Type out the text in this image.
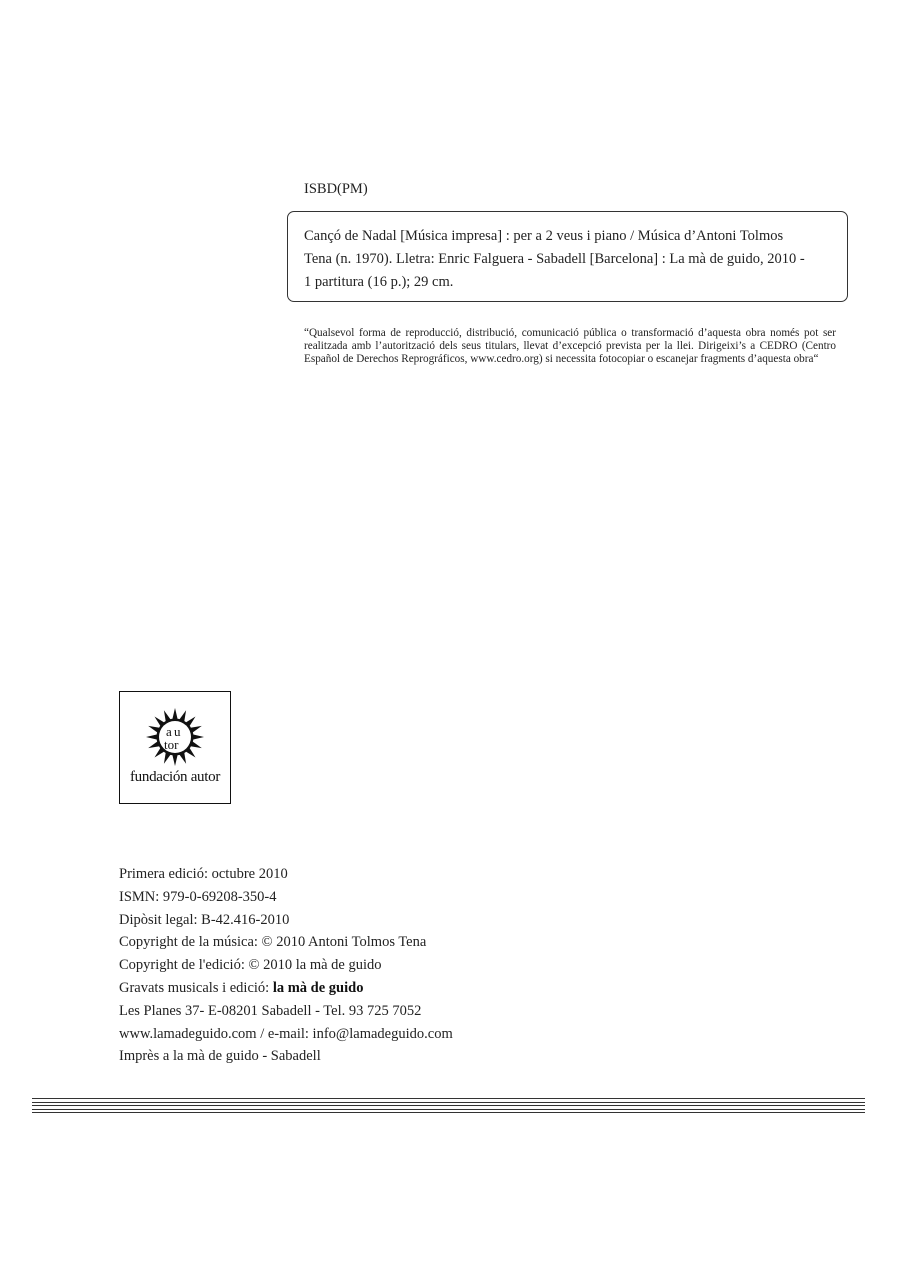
ISBD(PM)
Cançó de Nadal [Música impresa] : per a 2 veus i piano / Música d’Antoni Tolmos
Tena (n. 1970). Lletra: Enric Falguera - Sabadell [Barcelona] : La mà de guido, 2010 -
1 partitura (16 p.); 29 cm.
“Qualsevol forma de reproducció, distribució, comunicació pública o transformació d’aquesta obra només pot ser realitzada amb l’autorització dels seus titulars, llevat d’excepció prevista per la llei. Dirigeixi’s a CEDRO (Centro Español de Derechos Reprográficos, www.cedro.org) si necessita fotocopiar o escanejar fragments d’aquesta obra“
a u
tor
fundación autor
Primera edició: octubre 2010
ISMN: 979-0-69208-350-4
Dipòsit legal: B-42.416-2010
Copyright de la música: © 2010 Antoni Tolmos Tena
Copyright de l'edició: © 2010 la mà de guido
Gravats musicals i edició: la mà de guido
Les Planes 37- E-08201 Sabadell - Tel. 93 725 7052
www.lamadeguido.com / e-mail: info@lamadeguido.com
Imprès a la mà de guido - Sabadell
